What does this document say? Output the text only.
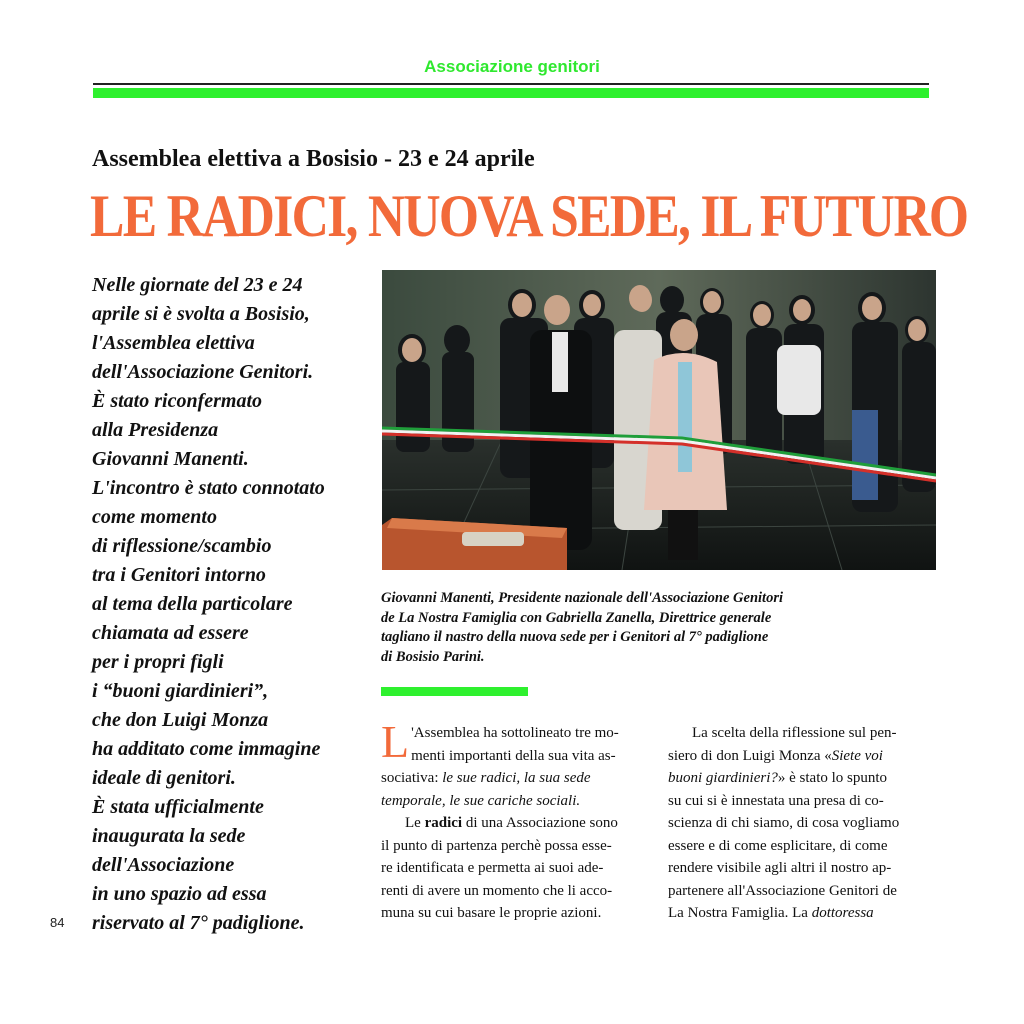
Associazione genitori
Assemblea elettiva a Bosisio - 23 e 24 aprile
LE RADICI, NUOVA SEDE, IL FUTURO
Nelle giornate del 23 e 24
aprile si è svolta a Bosisio,
l'Assemblea elettiva
dell'Associazione Genitori.
È stato riconfermato
alla Presidenza
Giovanni Manenti.
L'incontro è stato connotato
come momento
di riflessione/scambio
tra i Genitori intorno
al tema della particolare
chiamata ad essere
per i propri figli
i “buoni giardinieri”,
che don Luigi Monza
ha additato come immagine
ideale di genitori.
È stata ufficialmente
inaugurata la sede
dell'Associazione
in uno spazio ad essa
riservato al 7° padiglione.
Giovanni Manenti, Presidente nazionale dell'Associazione Genitori
de La Nostra Famiglia con Gabriella Zanella, Direttrice generale
tagliano il nastro della nuova sede per i Genitori al 7° padiglione
di Bosisio Parini.
L 'Assemblea ha sottolineato tre mo-
menti importanti della sua vita as-
sociativa: le sue radici, la sua sede
temporale, le sue cariche sociali.
Le radici di una Associazione sono
il punto di partenza perchè possa esse-
re identificata e permetta ai suoi ade-
renti di avere un momento che li acco-
muna su cui basare le proprie azioni.
La scelta della riflessione sul pen-
siero di don Luigi Monza «Siete voi
buoni giardinieri?» è stato lo spunto
su cui si è innestata una presa di co-
scienza di chi siamo, di cosa vogliamo
essere e di come esplicitare, di come
rendere visibile agli altri il nostro ap-
partenere all'Associazione Genitori de
La Nostra Famiglia. La dottoressa
84
